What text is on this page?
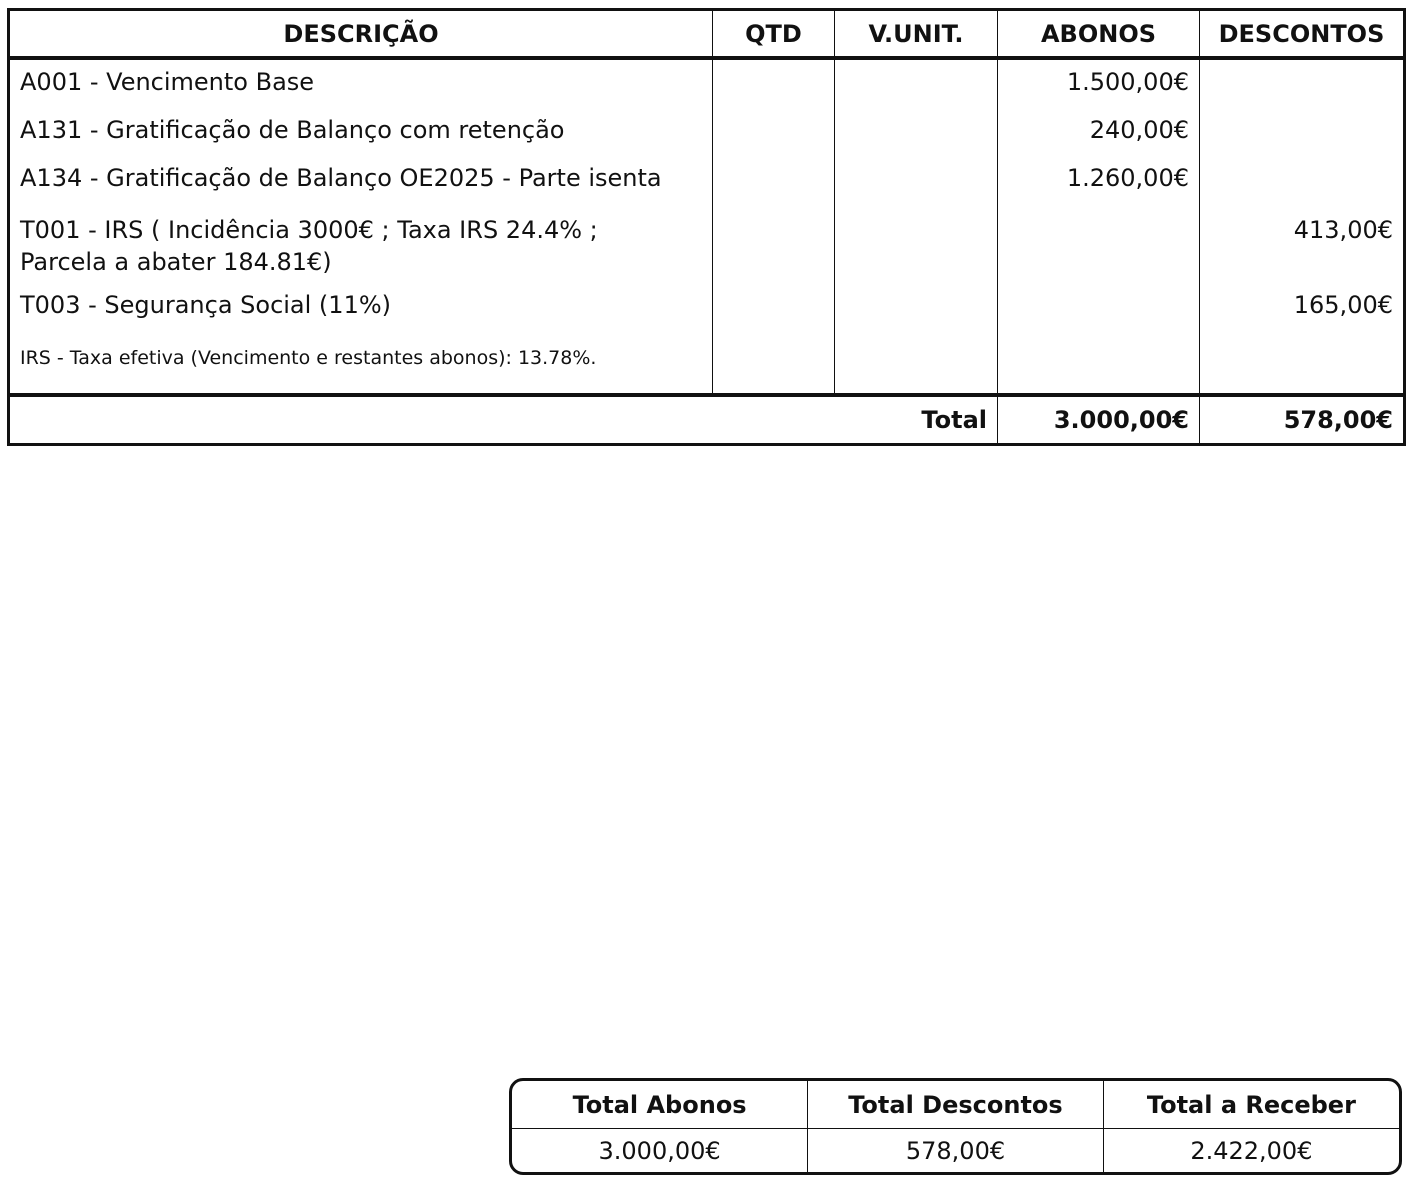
DESCRIÇÃO	QTD	V.UNIT.	ABONOS	DESCONTOS
A001 - Vencimento Base			1.500,00€	
A131 - Gratificação de Balanço com retenção			240,00€	
A134 - Gratificação de Balanço OE2025 - Parte isenta			1.260,00€	

T001 - IRS ( Incidência 3000€ ; Taxa IRS 24.4% ;
Parcela a abater 184.81€)				413,00€
T003 - Segurança Social (11%)				165,00€
IRS - Taxa efetiva (Vencimento e restantes abonos): 13.78%.				
Total			3.000,00€	578,00€
Total Abonos	Total Descontos	Total a Receber
3.000,00€	578,00€	2.422,00€
